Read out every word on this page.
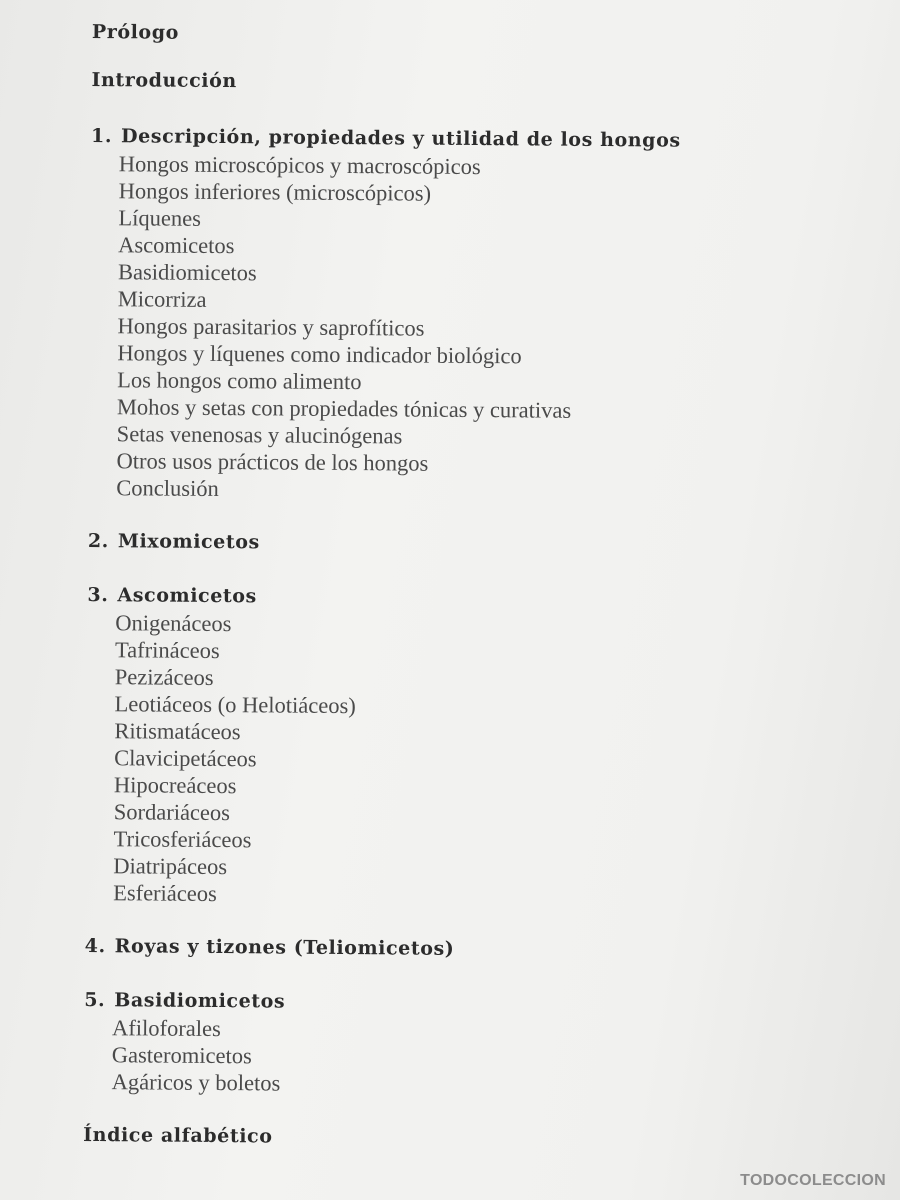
Prólogo
Introducción
1. Descripción, propiedades y utilidad de los hongos
Hongos microscópicos y macroscópicos
Hongos inferiores (microscópicos)
Líquenes
Ascomicetos
Basidiomicetos
Micorriza
Hongos parasitarios y saprofíticos
Hongos y líquenes como indicador biológico
Los hongos como alimento
Mohos y setas con propiedades tónicas y curativas
Setas venenosas y alucinógenas
Otros usos prácticos de los hongos
Conclusión
2. Mixomicetos
3. Ascomicetos
Onigenáceos
Tafrináceos
Pezizáceos
Leotiáceos (o Helotiáceos)
Ritismatáceos
Clavicipetáceos
Hipocreáceos
Sordariáceos
Tricosferiáceos
Diatripáceos
Esferiáceos
4. Royas y tizones (Teliomicetos)
5. Basidiomicetos
Afiloforales
Gasteromicetos
Agáricos y boletos
Índice alfabético
TODOCOLECCION
